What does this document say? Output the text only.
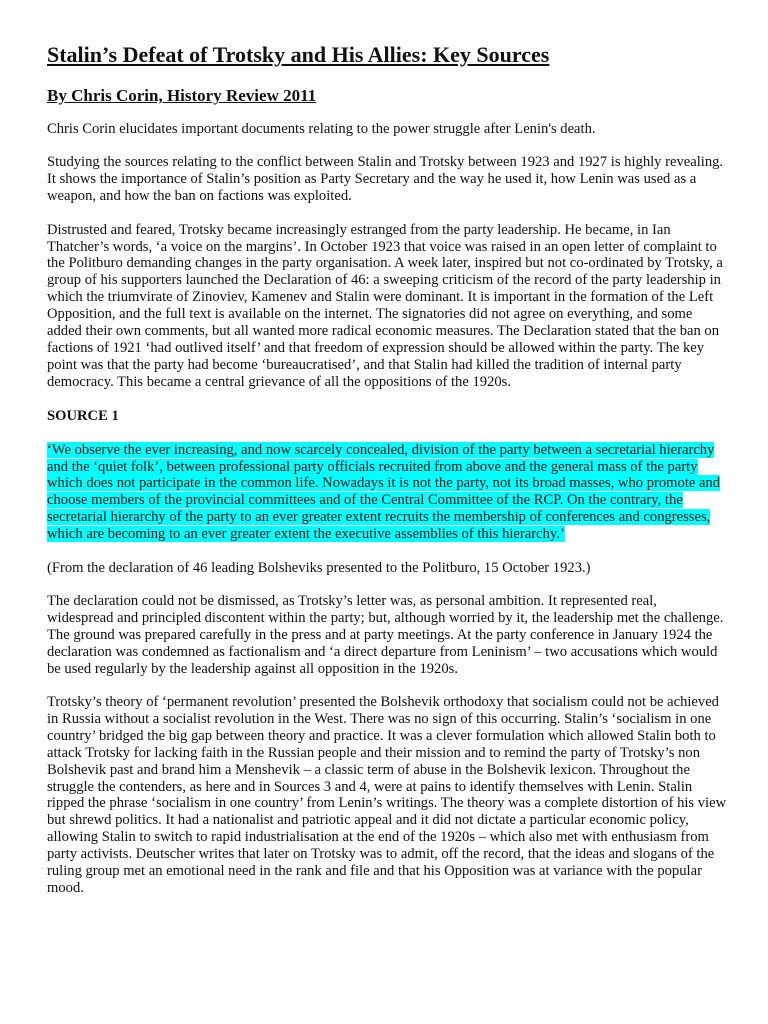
Stalin’s Defeat of Trotsky and His Allies: Key Sources
By Chris Corin, History Review 2011

Chris Corin elucidates important documents relating to the power struggle after Lenin's death.

Studying the sources relating to the conflict between Stalin and Trotsky between 1923 and 1927 is highly revealing. It shows the importance of Stalin’s position as Party Secretary and the way he used it, how Lenin was used as a weapon, and how the ban on factions was exploited.

Distrusted and feared, Trotsky became increasingly estranged from the party leadership. He became, in Ian Thatcher’s words, ‘a voice on the margins’. In October 1923 that voice was raised in an open letter of complaint to the Politburo demanding changes in the party organisation. A week later, inspired but not co-ordinated by Trotsky, a group of his supporters launched the Declaration of 46: a sweeping criticism of the record of the party leadership in which the triumvirate of Zinoviev, Kamenev and Stalin were dominant. It is important in the formation of the Left Opposition, and the full text is available on the internet. The signatories did not agree on everything, and some added their own comments, but all wanted more radical economic measures. The Declaration stated that the ban on factions of 1921 ‘had outlived itself’ and that freedom of expression should be allowed within the party. The key point was that the party had become ‘bureaucratised’, and that Stalin had killed the tradition of internal party democracy. This became a central grievance of all the oppositions of the 1920s.

SOURCE 1

‘We observe the ever increasing, and now scarcely concealed, division of the party between a secretarial hierarchy and the ‘quiet folk’, between professional party officials recruited from above and the general mass of the party which does not participate in the common life. Nowadays it is not the party, not its broad masses, who promote and choose members of the provincial committees and of the Central Committee of the RCP. On the contrary, the secretarial hierarchy of the party to an ever greater extent recruits the membership of conferences and congresses, which are becoming to an ever greater extent the executive assemblies of this hierarchy.’

(From the declaration of 46 leading Bolsheviks presented to the Politburo, 15 October 1923.)

The declaration could not be dismissed, as Trotsky’s letter was, as personal ambition. It represented real, widespread and principled discontent within the party; but, although worried by it, the leadership met the challenge. The ground was prepared carefully in the press and at party meetings. At the party conference in January 1924 the declaration was condemned as factionalism and ‘a direct departure from Leninism’ – two accusations which would be used regularly by the leadership against all opposition in the 1920s.

Trotsky’s theory of ‘permanent revolution’ presented the Bolshevik orthodoxy that socialism could not be achieved in Russia without a socialist revolution in the West. There was no sign of this occurring. Stalin’s ‘socialism in one country’ bridged the big gap between theory and practice. It was a clever formulation which allowed Stalin both to attack Trotsky for lacking faith in the Russian people and their mission and to remind the party of Trotsky’s non Bolshevik past and brand him a Menshevik – a classic term of abuse in the Bolshevik lexicon. Throughout the struggle the contenders, as here and in Sources 3 and 4, were at pains to identify themselves with Lenin. Stalin ripped the phrase ‘socialism in one country’ from Lenin’s writings. The theory was a complete distortion of his view but shrewd politics. It had a nationalist and patriotic appeal and it did not dictate a particular economic policy, allowing Stalin to switch to rapid industrialisation at the end of the 1920s – which also met with enthusiasm from party activists. Deutscher writes that later on Trotsky was to admit, off the record, that the ideas and slogans of the ruling group met an emotional need in the rank and file and that his Opposition was at variance with the popular mood.
